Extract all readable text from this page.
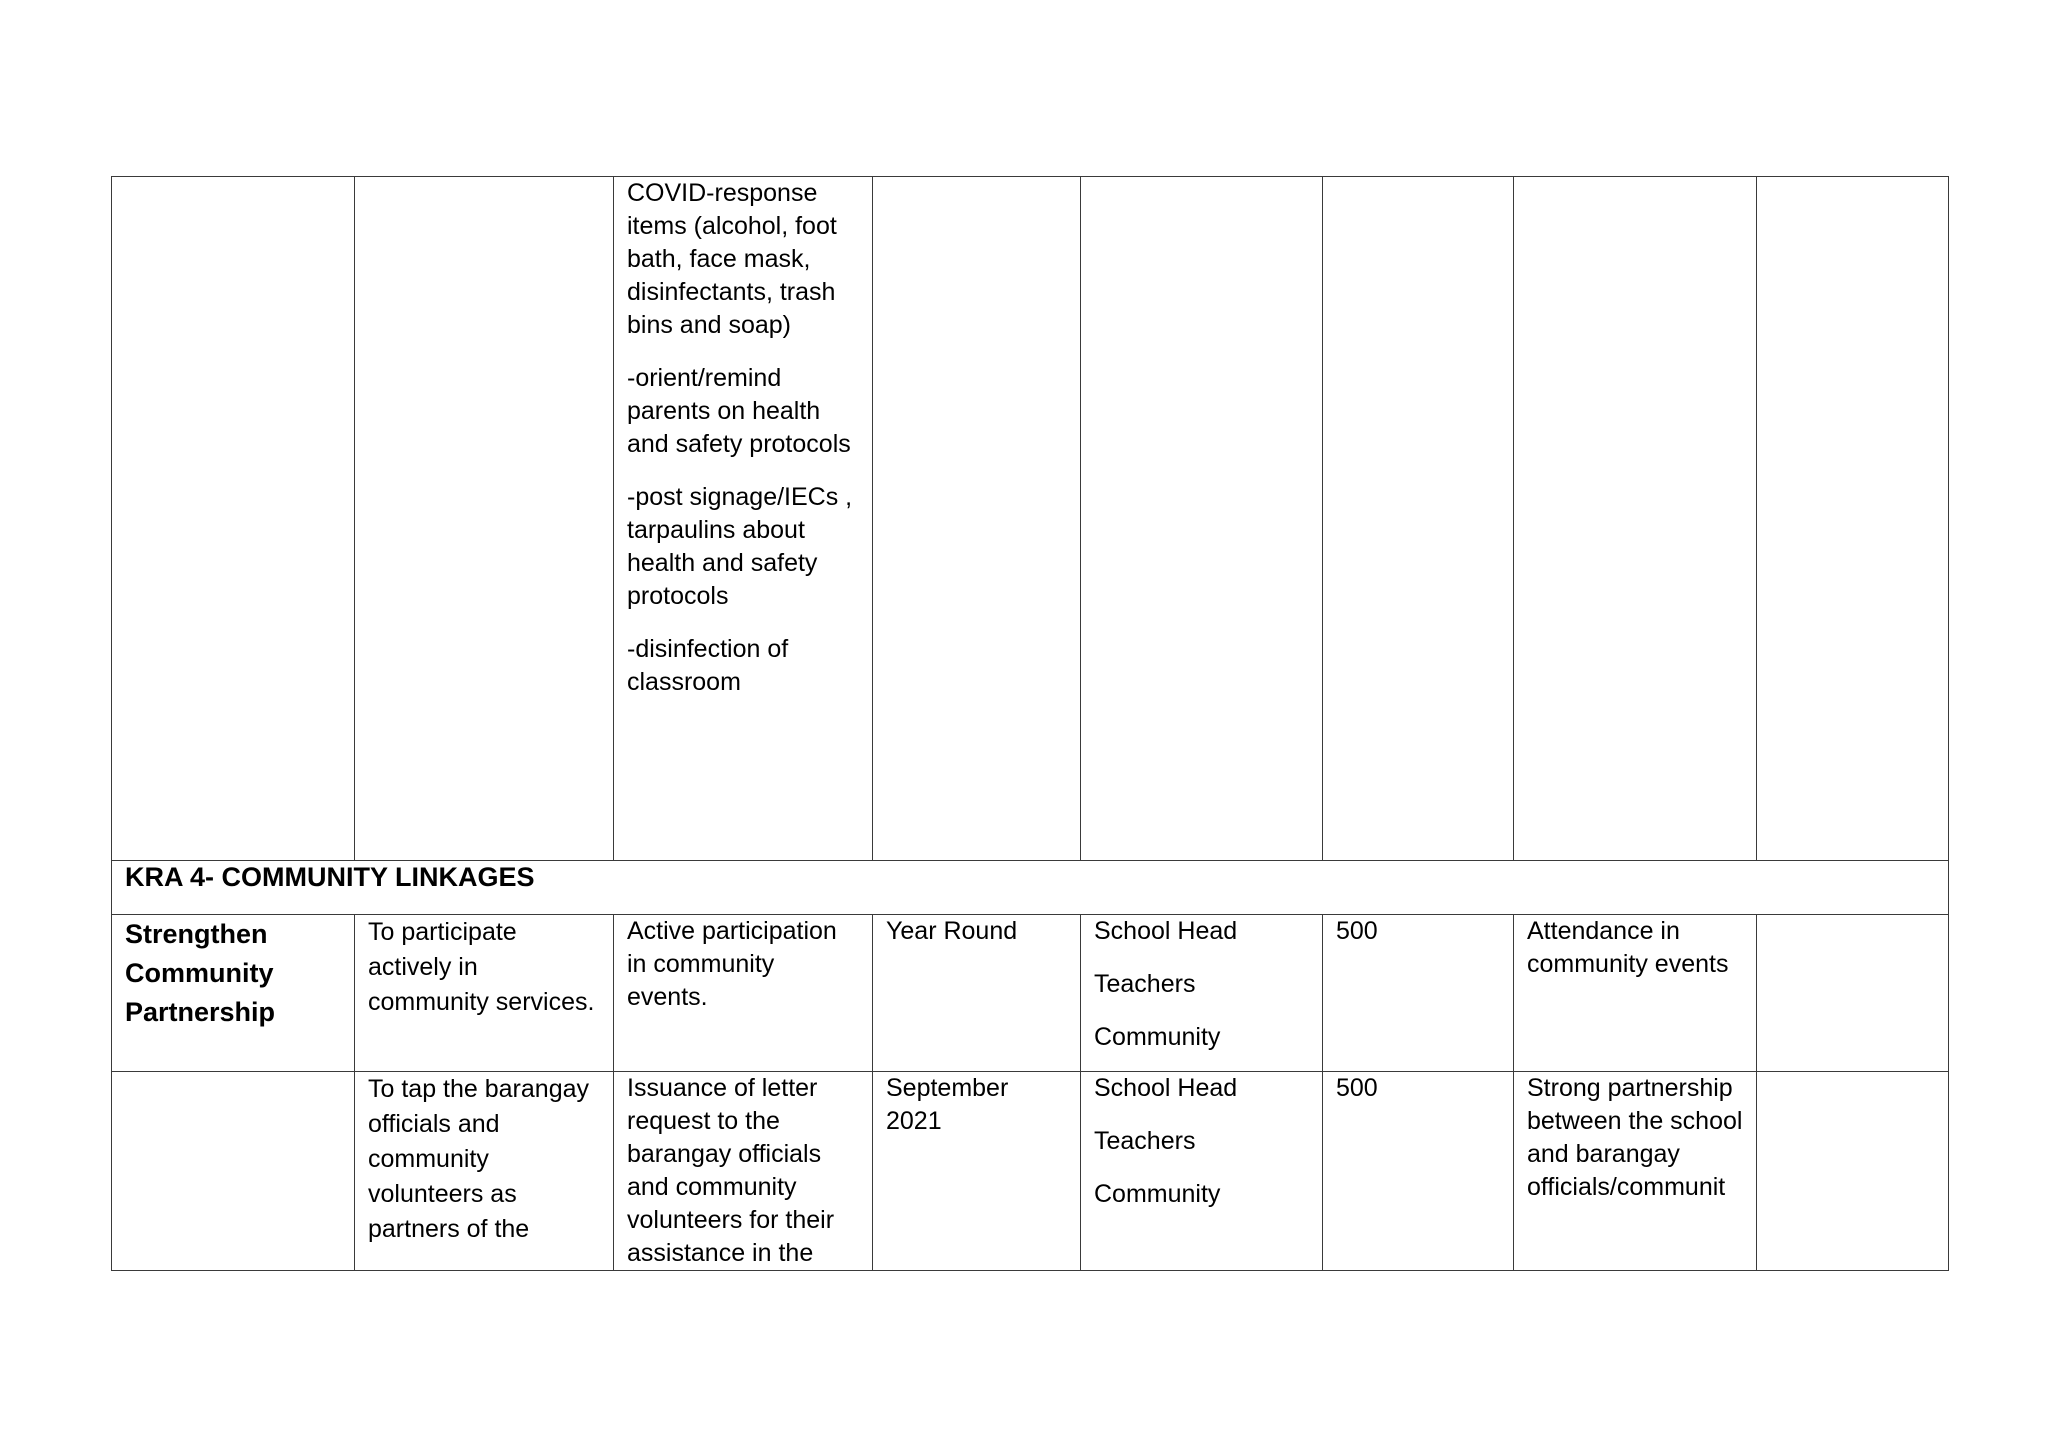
		COVID-response items (alcohol, foot bath, face mask, disinfectants, trash bins and soap)
-orient/remind parents on health and safety protocols
-post signage/IECs , tarpaulins about health and safety protocols
-disinfection of classroom					

KRA 4- COMMUNITY LINKAGES							
Strengthen Community Partnership	To participate actively in community services.	Active participation in community events.	Year Round	School Head
Teachers
Community	500	Attendance in community events	
	To tap the barangay officials and community volunteers as partners of the	Issuance of letter request to the barangay officials and community volunteers for their assistance in the	September 2021	School Head
Teachers
Community	500	Strong partnership between the school and barangay officials/communit	
